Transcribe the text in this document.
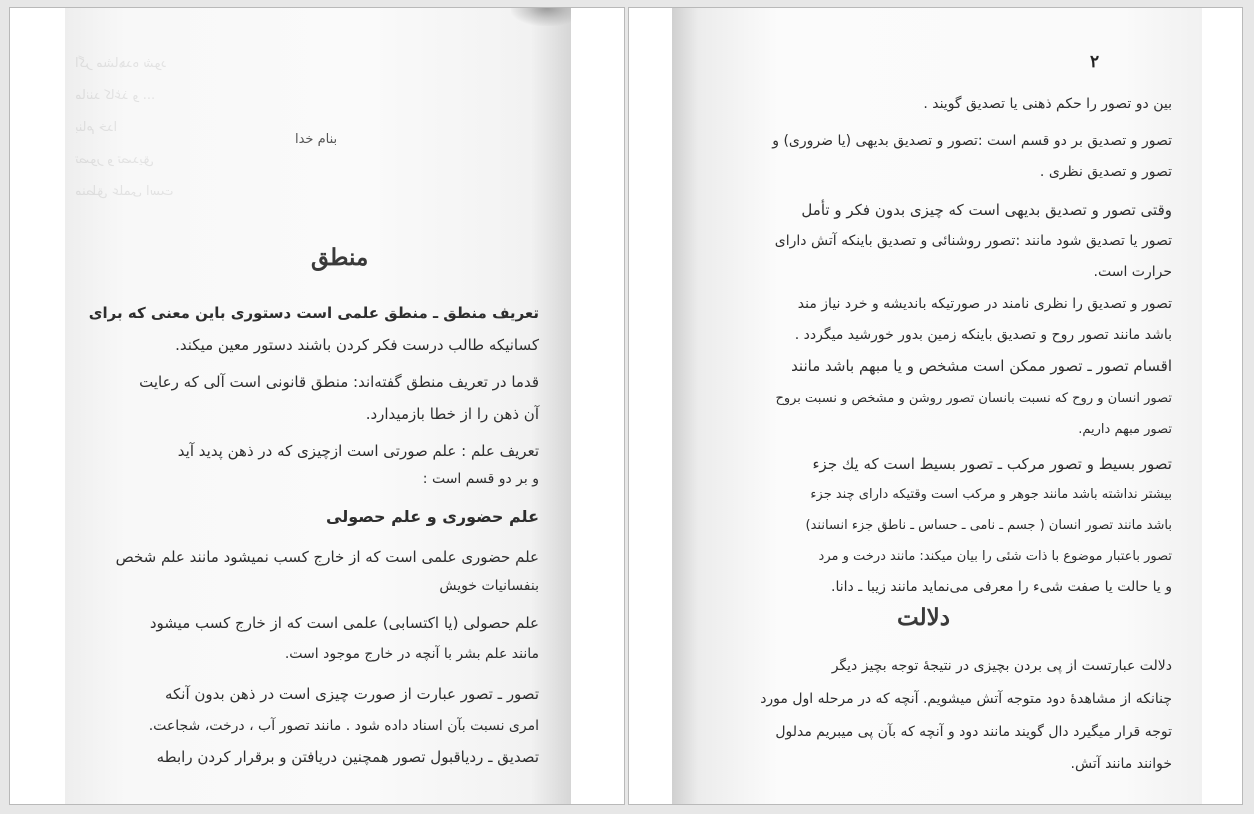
اگر مشاهده شود
مانند کاغذ و ...
بنام خدا
تصور و تصدیق
منطق علمی است
بنام خدا
منطق
تعریف منطق ـ منطق علمی است دستوری باین معنی که برای
کسانیکه طالب درست فکر کردن باشند دستور معین میکند.
قدما در تعریف منطق گفته‌اند: منطق قانونی است آلی که رعایت
آن ذهن را از خطا بازمیدارد.
تعریف علم : علم صورتی است ازچیزی که در ذهن پدید آید
و بر دو قسم است :
علم حضوری و علم حصولی
علم حضوری علمی است که از خارج کسب نمیشود مانند علم شخص
بنفسانیات خویش
علم حصولی (یا اکتسابی) علمی است که از خارج کسب میشود
مانند علم بشر با آنچه در خارج موجود است.
تصور ـ تصور عبارت از صورت چیزی است در ذهن بدون آنکه
امری نسبت بآن اسناد داده شود . مانند تصور آب ، درخت، شجاعت.
تصدیق ـ ردیاقبول تصور همچنین دریافتن و برقرار کردن رابطه
۲
بین دو تصور را حکم ذهنی یا تصدیق گویند .
تصور و تصدیق بر دو قسم است :تصور و تصدیق بدیهی (یا ضروری) و
تصور و تصدیق نظری .
وقتی تصور و تصدیق بدیهی است که چیزی بدون فکر و تأمل
تصور یا تصدیق شود مانند :تصور روشنائی و تصدیق باینکه آتش دارای
حرارت است.
تصور و تصدیق را نظری نامند در صورتیکه باندیشه و خرد نیاز مند
باشد مانند تصور روح و تصدیق باینکه زمین بدور خورشید میگردد .
اقسام تصور ـ تصور ممکن است مشخص و یا مبهم باشد مانند
تصور انسان و روح که نسبت بانسان تصور روشن و مشخص و نسبت بروح
تصور مبهم داریم.
تصور بسیط و تصور مرکب ـ تصور بسیط است که یك جزء
بیشتر نداشته باشد مانند جوهر و مرکب است وقتیکه دارای چند جزء
باشد مانند تصور انسان ( جسم ـ نامی ـ حساس ـ ناطق جزء انسانند)
تصور باعتبار موضوع با ذات شئی را بیان میکند: مانند درخت و مرد
و یا حالت یا صفت شیء را معرفی می‌نماید مانند زیبا ـ دانا.
دلالت
دلالت عبارتست از پی بردن بچیزی در نتیجهٔ توجه بچیز دیگر
چنانکه از مشاهدهٔ دود متوجه آتش میشویم. آنچه که در مرحله اول مورد
توجه قرار میگیرد دال گویند مانند دود و آنچه که بآن پی میبریم مدلول
خوانند مانند آتش.
